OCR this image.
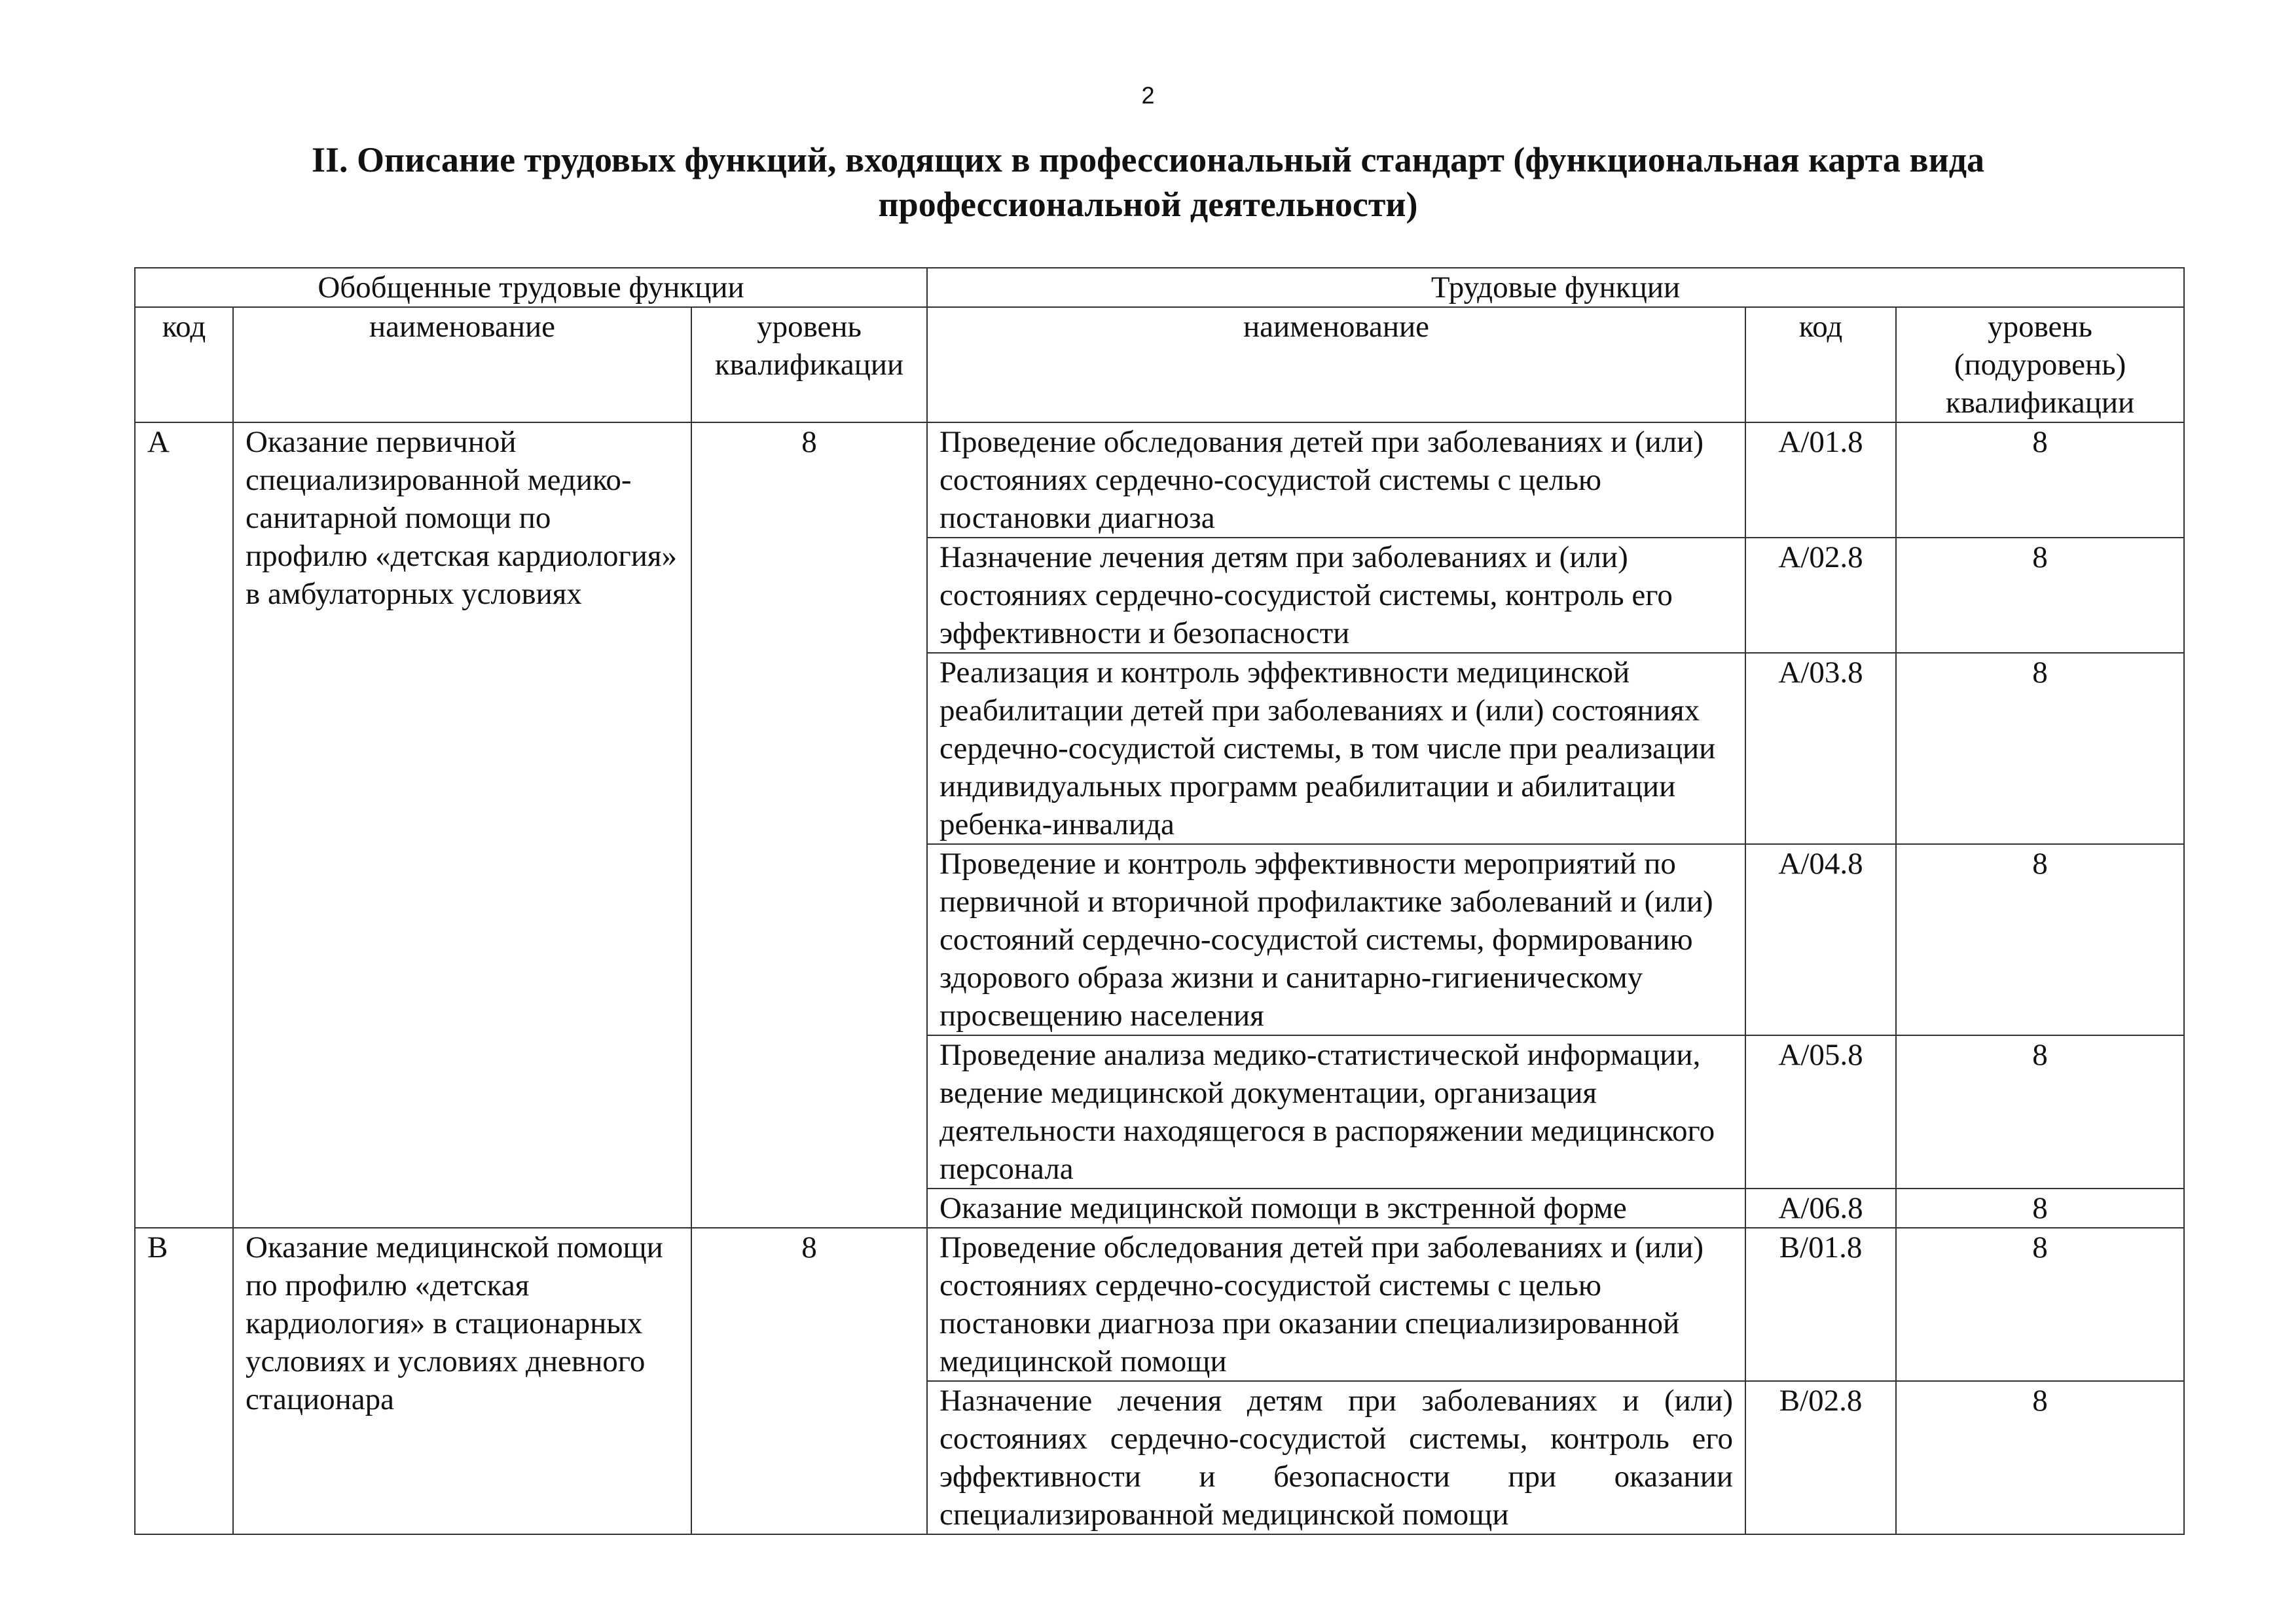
2
II. Описание трудовых функций, входящих в профессиональный стандарт (функциональная карта вида
профессиональной деятельности)
Обобщенные трудовые функции			Трудовые функции		
код	наименование	уровень квалификации	наименование	код	уровень (подуровень) квалификации
A	Оказание первичной специализированной медико-санитарной помощи по профилю «детская кардиология» в амбулаторных условиях	8	Проведение обследования детей при заболеваниях и (или) состояниях сердечно-сосудистой системы с целью постановки диагноза	A/01.8	8
			Назначение лечения детям при заболеваниях и (или) состояниях сердечно-сосудистой системы, контроль его эффективности и безопасности	A/02.8	8
			Реализация и контроль эффективности медицинской реабилитации детей при заболеваниях и (или) состояниях сердечно-сосудистой системы, в том числе при реализации индивидуальных программ реабилитации и абилитации ребенка-инвалида	A/03.8	8
			Проведение и контроль эффективности мероприятий по первичной и вторичной профилактике заболеваний и (или) состояний сердечно-сосудистой системы, формированию здорового образа жизни и санитарно-гигиеническому просвещению населения	A/04.8	8
			Проведение анализа медико-статистической информации, ведение медицинской документации, организация деятельности находящегося в распоряжении медицинского персонала	A/05.8	8
			Оказание медицинской помощи в экстренной форме	A/06.8	8
B	Оказание медицинской помощи по профилю «детская кардиология» в стационарных условиях и условиях дневного стационара	8	Проведение обследования детей при заболеваниях и (или) состояниях сердечно-сосудистой системы с целью постановки диагноза при оказании специализированной медицинской помощи	B/01.8	8
			Назначение лечения детям при заболеваниях и (или) состояниях сердечно-сосудистой системы, контроль его эффективности и безопасности при оказании специализированной медицинской помощи	B/02.8	8
